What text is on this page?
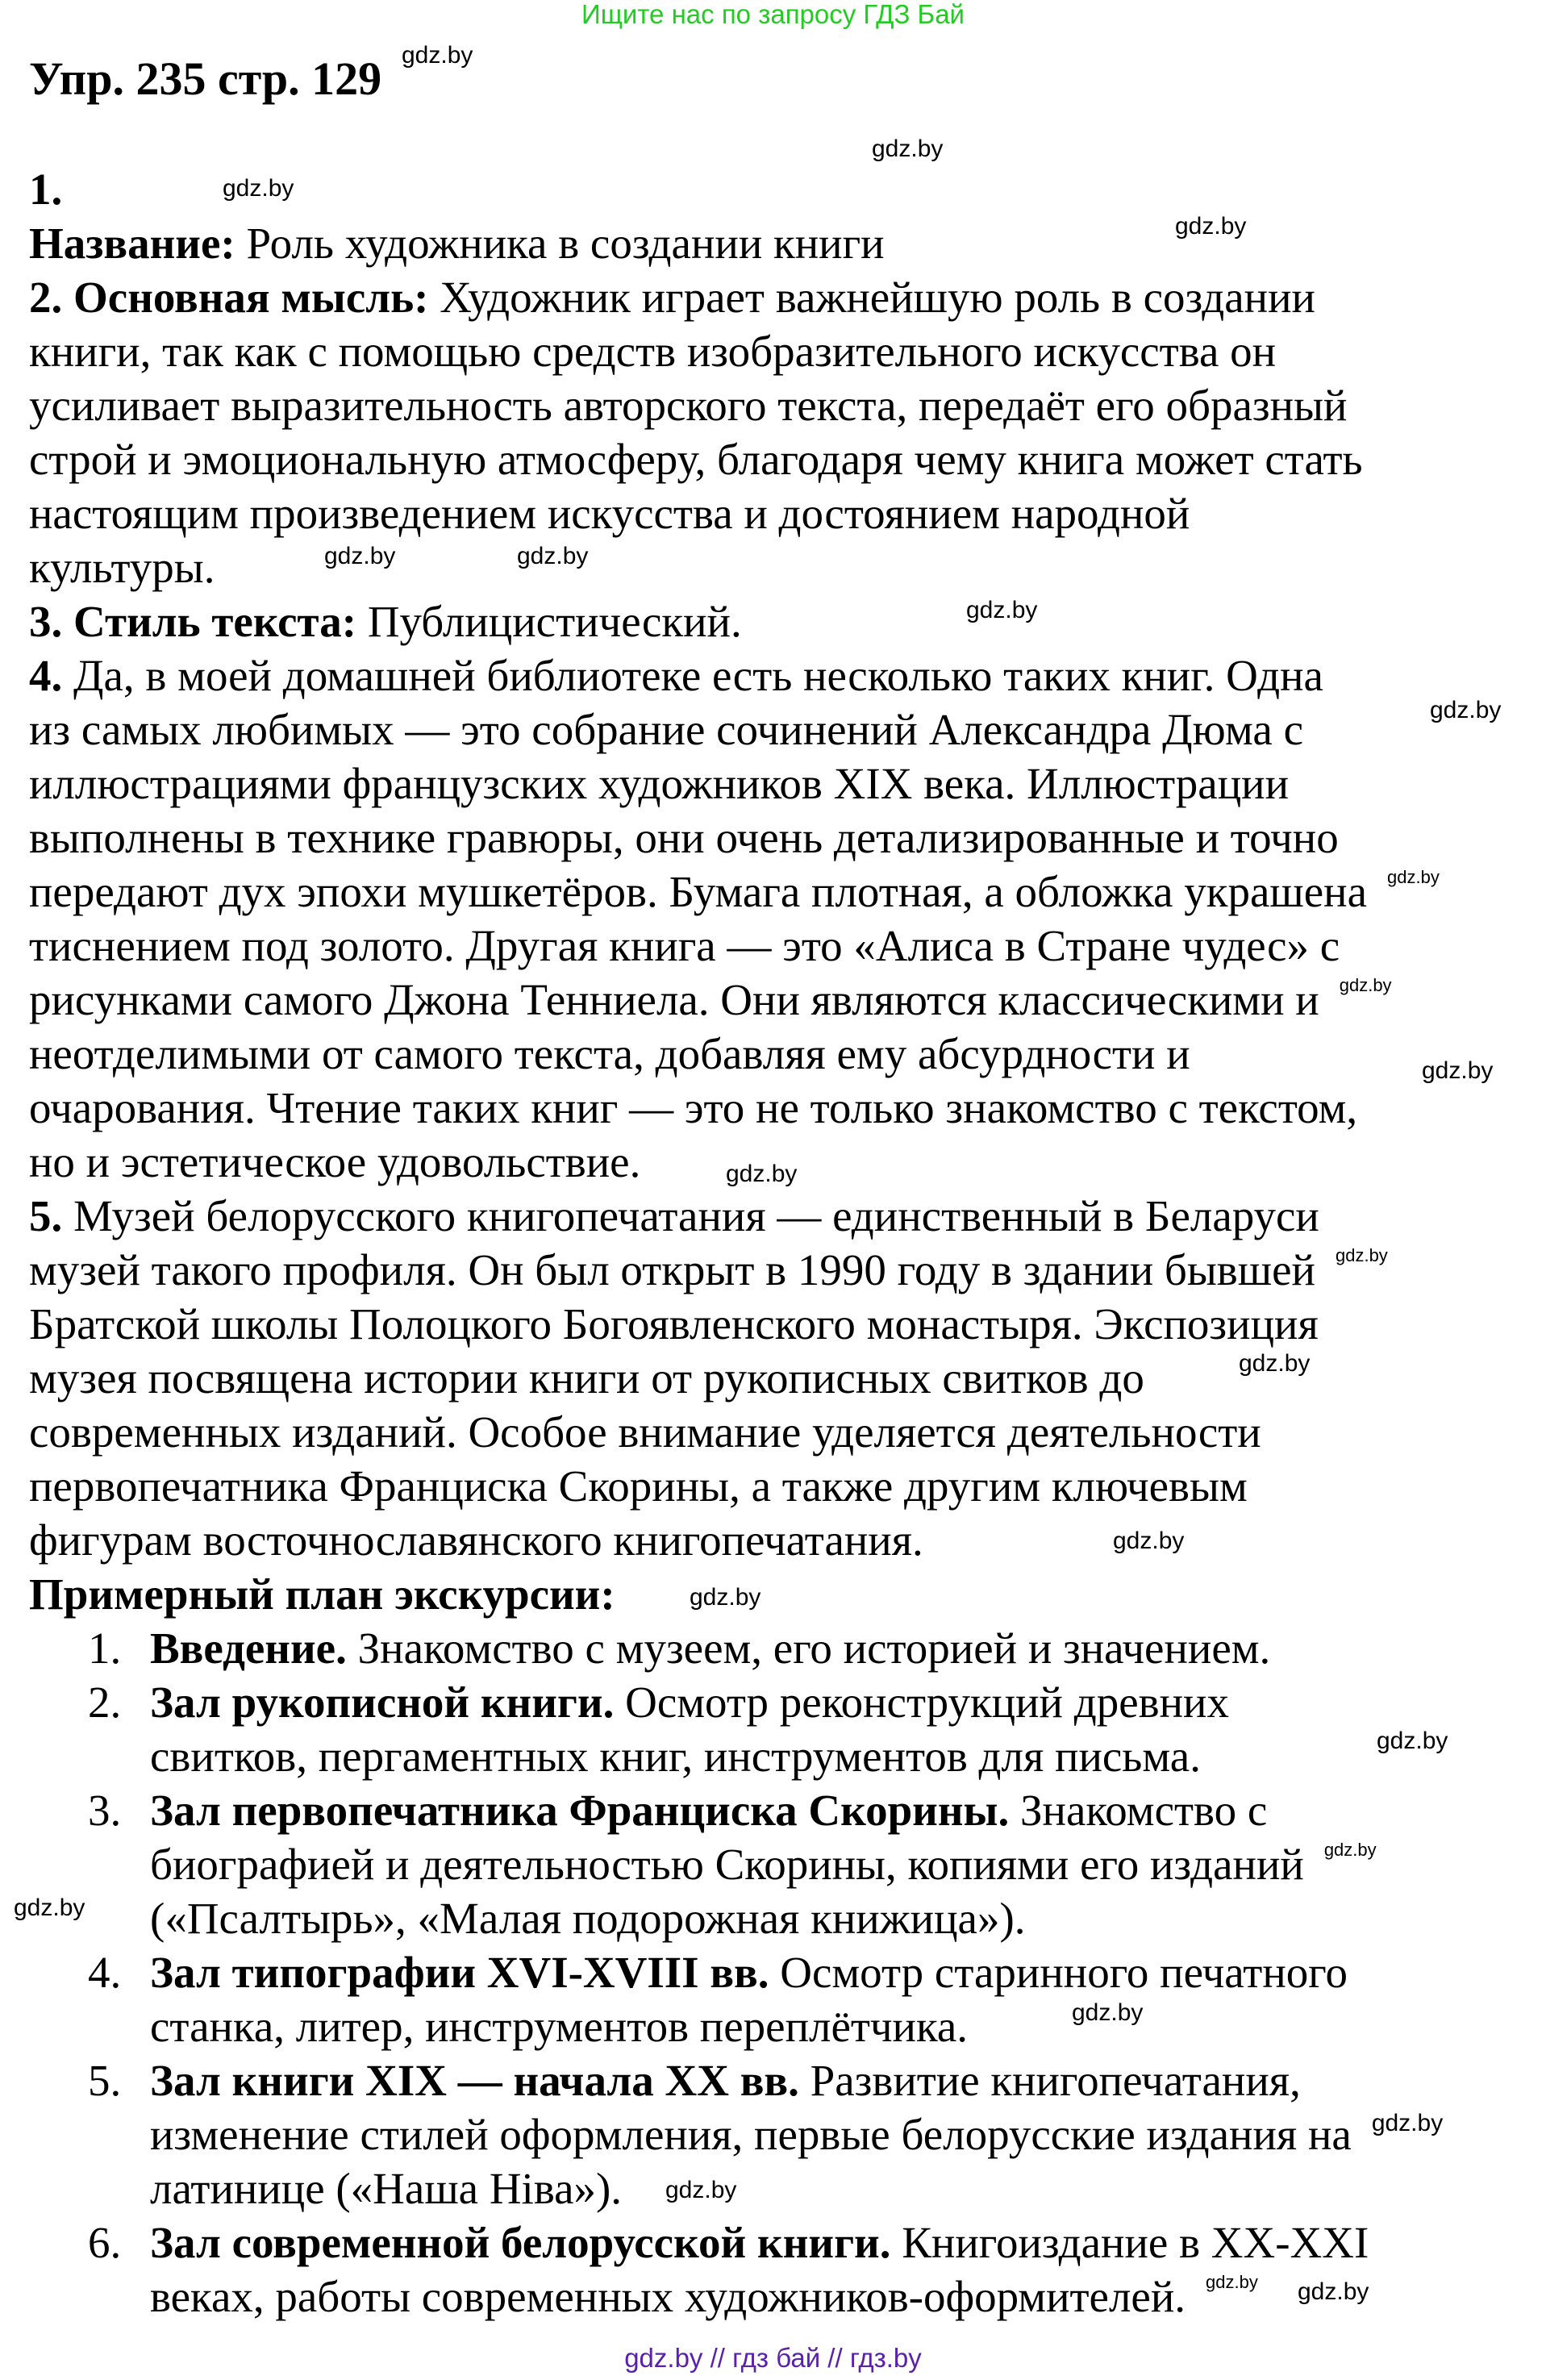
Ищите нас по запросу ГДЗ Бай
Упр. 235 стр. 129
1.
Название: Роль художника в создании книги
2. Основная мысль: Художник играет важнейшую роль в создании
книги, так как с помощью средств изобразительного искусства он
усиливает выразительность авторского текста, передаёт его образный
строй и эмоциональную атмосферу, благодаря чему книга может стать
настоящим произведением искусства и достоянием народной
культуры.
3. Стиль текста: Публицистический.
4. Да, в моей домашней библиотеке есть несколько таких книг. Одна
из самых любимых — это собрание сочинений Александра Дюма с
иллюстрациями французских художников XIX века. Иллюстрации
выполнены в технике гравюры, они очень детализированные и точно
передают дух эпохи мушкетёров. Бумага плотная, а обложка украшена
тиснением под золото. Другая книга — это «Алиса в Стране чудес» с
рисунками самого Джона Тенниела. Они являются классическими и
неотделимыми от самого текста, добавляя ему абсурдности и
очарования. Чтение таких книг — это не только знакомство с текстом,
но и эстетическое удовольствие.
5. Музей белорусского книгопечатания — единственный в Беларуси
музей такого профиля. Он был открыт в 1990 году в здании бывшей
Братской школы Полоцкого Богоявленского монастыря. Экспозиция
музея посвящена истории книги от рукописных свитков до
современных изданий. Особое внимание уделяется деятельности
первопечатника Франциска Скорины, а также другим ключевым
фигурам восточнославянского книгопечатания.
Примерный план экскурсии:
1. Введение. Знакомство с музеем, его историей и значением.
2. Зал рукописной книги. Осмотр реконструкций древних
свитков, пергаментных книг, инструментов для письма.
3. Зал первопечатника Франциска Скорины. Знакомство с
биографией и деятельностью Скорины, копиями его изданий
(«Псалтырь», «Малая подорожная книжица»).
4. Зал типографии XVI-XVIII вв. Осмотр старинного печатного
станка, литер, инструментов переплётчика.
5. Зал книги XIX — начала XX вв. Развитие книгопечатания,
изменение стилей оформления, первые белорусские издания на
латинице («Наша Ніва»).
6. Зал современной белорусской книги. Книгоиздание в XX-XXI
веках, работы современных художников-оформителей.
gdz.by
gdz.by
gdz.by
gdz.by
gdz.by	gdz.by
gdz.by
gdz.by
gdz.by
gdz.by
gdz.by
gdz.by
gdz.by
gdz.by
gdz.by
gdz.by
gdz.by
gdz.by
gdz.by
gdz.by
gdz.by
gdz.by
gdz.by
gdz.by
gdz.by // гдз бай // гдз.by
